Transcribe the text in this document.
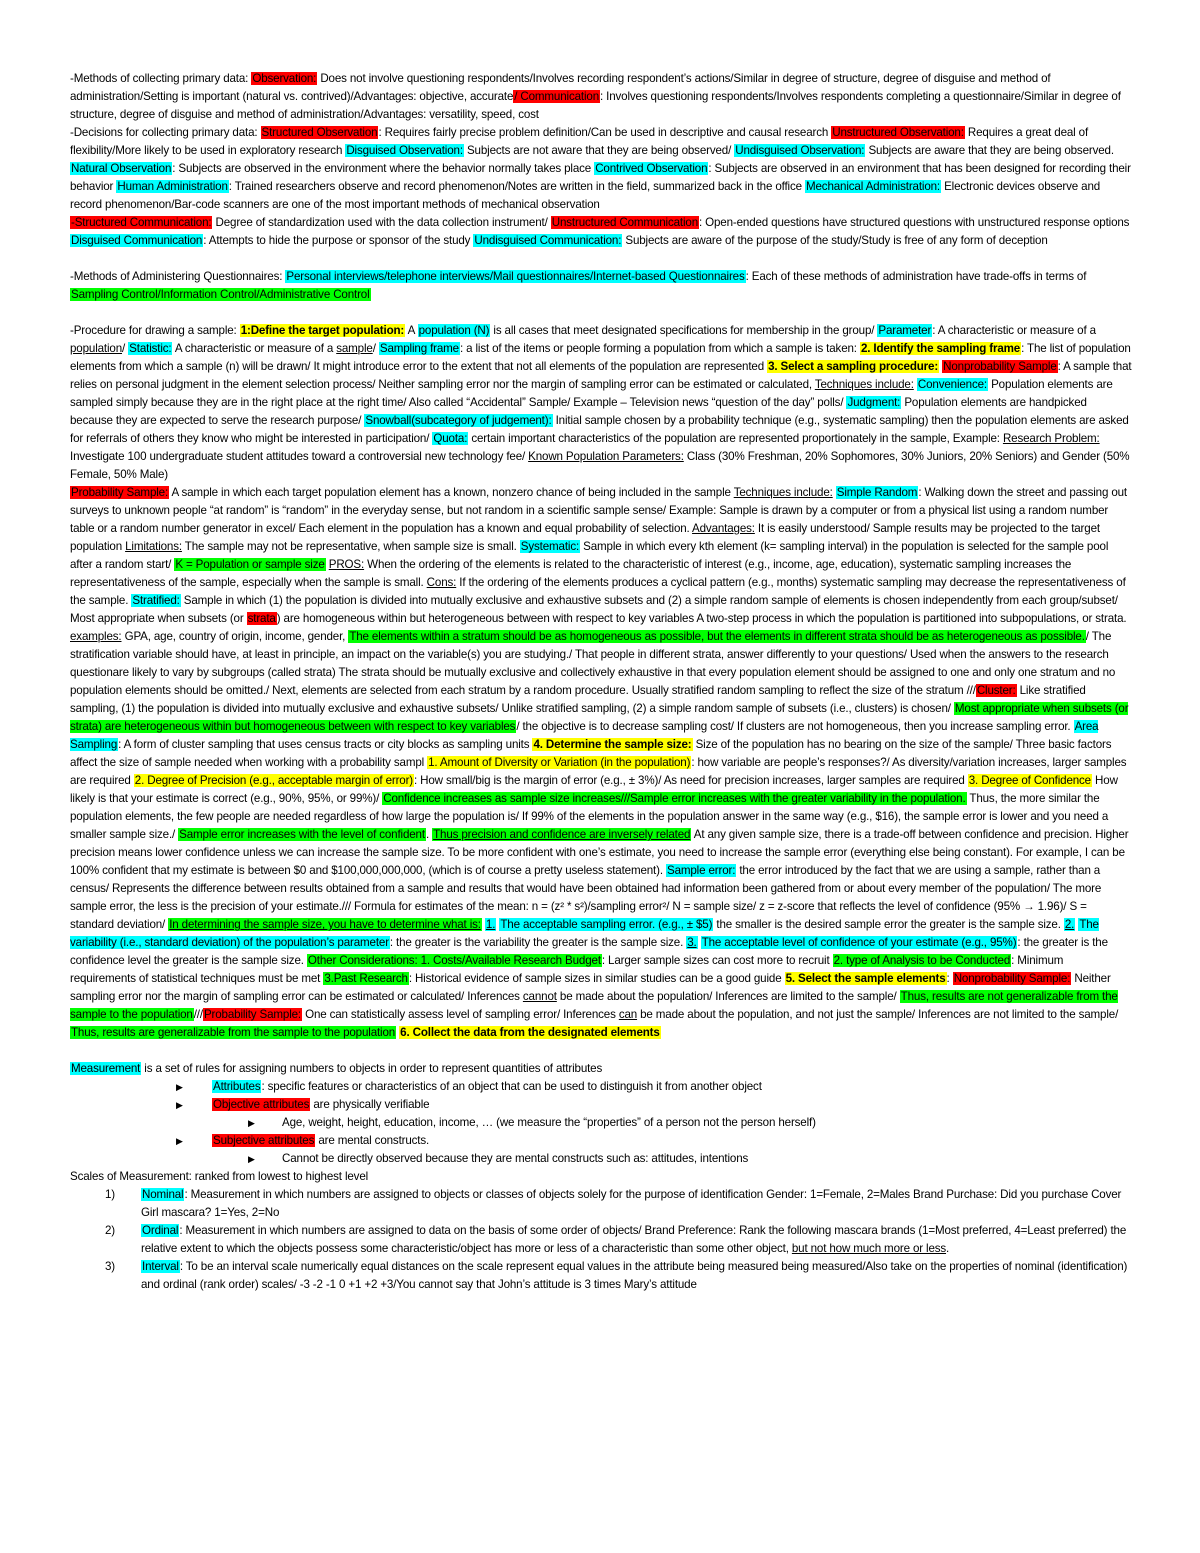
-Methods of collecting primary data: Observation: Does not involve questioning respondents/Involves recording respondent’s actions/Similar in degree of structure, degree of disguise and method of administration/Setting is important (natural vs. contrived)/Advantages: objective, accurate/ Communication: Involves questioning respondents/Involves respondents completing a questionnaire/Similar in degree of structure, degree of disguise and method of administration/Advantages: versatility, speed, cost
-Decisions for collecting primary data: Structured Observation: Requires fairly precise problem definition/Can be used in descriptive and causal research Unstructured Observation: Requires a great deal of flexibility/More likely to be used in exploratory research Disguised Observation: Subjects are not aware that they are being observed/ Undisguised Observation: Subjects are aware that they are being observed. Natural Observation: Subjects are observed in the environment where the behavior normally takes place Contrived Observation: Subjects are observed in an environment that has been designed for recording their behavior Human Administration: Trained researchers observe and record phenomenon/Notes are written in the field, summarized back in the office Mechanical Administration: Electronic devices observe and record phenomenon/Bar-code scanners are one of the most important methods of mechanical observation
-Structured Communication: Degree of standardization used with the data collection instrument/ Unstructured Communication: Open-ended questions have structured questions with unstructured response options Disguised Communication: Attempts to hide the purpose or sponsor of the study Undisguised Communication: Subjects are aware of the purpose of the study/Study is free of any form of deception
-Methods of Administering Questionnaires: Personal interviews/telephone interviews/Mail questionnaires/Internet-based Questionnaires: Each of these methods of administration have trade-offs in terms of Sampling Control/Information Control/Administrative Control
-Procedure for drawing a sample: 1:Define the target population: A population (N) is all cases that meet designated specifications for membership in the group/ Parameter: A characteristic or measure of a population/ Statistic: A characteristic or measure of a sample/ Sampling frame: a list of the items or people forming a population from which a sample is taken: 2. Identify the sampling frame: The list of population elements from which a sample (n) will be drawn/ It might introduce error to the extent that not all elements of the population are represented 3. Select a sampling procedure: Nonprobability Sample: A sample that relies on personal judgment in the element selection process/ Neither sampling error nor the margin of sampling error can be estimated or calculated, Techniques include: Convenience: Population elements are sampled simply because they are in the right place at the right time/ Also called “Accidental” Sample/ Example – Television news “question of the day” polls/ Judgment: Population elements are handpicked because they are expected to serve the research purpose/ Snowball(subcategory of judgement): Initial sample chosen by a probability technique (e.g., systematic sampling) then the population elements are asked for referrals of others they know who might be interested in participation/ Quota: certain important characteristics of the population are represented proportionately in the sample, Example: Research Problem: Investigate 100 undergraduate student attitudes toward a controversial new technology fee/ Known Population Parameters: Class (30% Freshman, 20% Sophomores, 30% Juniors, 20% Seniors) and Gender (50% Female, 50% Male)
Probability Sample: A sample in which each target population element has a known, nonzero chance of being included in the sample Techniques include: Simple Random: Walking down the street and passing out surveys to unknown people “at random” is “random” in the everyday sense, but not random in a scientific sample sense/ Example: Sample is drawn by a computer or from a physical list using a random number table or a random number generator in excel/ Each element in the population has a known and equal probability of selection. Advantages: It is easily understood/ Sample results may be projected to the target population Limitations: The sample may not be representative, when sample size is small. Systematic: Sample in which every kth element (k= sampling interval) in the population is selected for the sample pool after a random start/ K = Population or sample size PROS: When the ordering of the elements is related to the characteristic of interest (e.g., income, age, education), systematic sampling increases the representativeness of the sample, especially when the sample is small. Cons: If the ordering of the elements produces a cyclical pattern (e.g., months) systematic sampling may decrease the representativeness of the sample. Stratified: Sample in which (1) the population is divided into mutually exclusive and exhaustive subsets and (2) a simple random sample of elements is chosen independently from each group/subset/ Most appropriate when subsets (or strata) are homogeneous within but heterogeneous between with respect to key variables A two-step process in which the population is partitioned into subpopulations, or strata. examples: GPA, age, country of origin, income, gender, The elements within a stratum should be as homogeneous as possible, but the elements in different strata should be as heterogeneous as possible./ The stratification variable should have, at least in principle, an impact on the variable(s) you are studying./ That people in different strata, answer differently to your questions/ Used when the answers to the research questionare likely to vary by subgroups (called strata) The strata should be mutually exclusive and collectively exhaustive in that every population element should be assigned to one and only one stratum and no population elements should be omitted./ Next, elements are selected from each stratum by a random procedure. Usually stratified random sampling to reflect the size of the stratum ///Cluster: Like stratified sampling, (1) the population is divided into mutually exclusive and exhaustive subsets/ Unlike stratified sampling, (2) a simple random sample of subsets (i.e., clusters) is chosen/ Most appropriate when subsets (or strata) are heterogeneous within but homogeneous between with respect to key variables/ the objective is to decrease sampling cost/ If clusters are not homogeneous, then you increase sampling error. Area Sampling: A form of cluster sampling that uses census tracts or city blocks as sampling units 4. Determine the sample size: Size of the population has no bearing on the size of the sample/ Three basic factors affect the size of sample needed when working with a probability sampl 1. Amount of Diversity or Variation (in the population): how variable are people’s responses?/ As diversity/variation increases, larger samples are required 2. Degree of Precision (e.g., acceptable margin of error): How small/big is the margin of error (e.g., ± 3%)/ As need for precision increases, larger samples are required 3. Degree of Confidence How likely is that your estimate is correct (e.g., 90%, 95%, or 99%)/ Confidence increases as sample size increases///Sample error increases with the greater variability in the population. Thus, the more similar the population elements, the few people are needed regardless of how large the population is/ If 99% of the elements in the population answer in the same way (e.g., $16), the sample error is lower and you need a smaller sample size./ Sample error increases with the level of confident. Thus precision and confidence are inversely related At any given sample size, there is a trade-off between confidence and precision. Higher precision means lower confidence unless we can increase the sample size. To be more confident with one’s estimate, you need to increase the sample error (everything else being constant). For example, I can be 100% confident that my estimate is between $0 and $100,000,000,000, (which is of course a pretty useless statement). Sample error: the error introduced by the fact that we are using a sample, rather than a census/ Represents the difference between results obtained from a sample and results that would have been obtained had information been gathered from or about every member of the population/ The more sample error, the less is the precision of your estimate./// Formula for estimates of the mean: n = (z² * s²)/sampling error²/ N = sample size/ z = z-score that reflects the level of confidence (95% → 1.96)/ S = standard deviation/ In determining the sample size, you have to determine what is: 1. The acceptable sampling error. (e.g., ± $5) the smaller is the desired sample error the greater is the sample size. 2. The variability (i.e., standard deviation) of the population’s parameter: the greater is the variability the greater is the sample size. 3. The acceptable level of confidence of your estimate (e.g., 95%): the greater is the confidence level the greater is the sample size. Other Considerations: 1. Costs/Available Research Budget: Larger sample sizes can cost more to recruit 2. type of Analysis to be Conducted: Minimum requirements of statistical techniques must be met 3.Past Research: Historical evidence of sample sizes in similar studies can be a good guide 5. Select the sample elements: Nonprobability Sample: Neither sampling error nor the margin of sampling error can be estimated or calculated/ Inferences cannot be made about the population/ Inferences are limited to the sample/ Thus, results are not generalizable from the sample to the population///Probability Sample: One can statistically assess level of sampling error/ Inferences can be made about the population, and not just the sample/ Inferences are not limited to the sample/ Thus, results are generalizable from the sample to the population 6. Collect the data from the designated elements
Measurement is a set of rules for assigning numbers to objects in order to represent quantities of attributes
▶ Attributes: specific features or characteristics of an object that can be used to distinguish it from another object
▶ Objective attributes are physically verifiable
▶ Age, weight, height, education, income, … (we measure the “properties” of a person not the person herself)
▶ Subjective attributes are mental constructs.
▶ Cannot be directly observed because they are mental constructs such as: attitudes, intentions
Scales of Measurement: ranked from lowest to highest level
1) Nominal: Measurement in which numbers are assigned to objects or classes of objects solely for the purpose of identification Gender: 1=Female, 2=Males Brand Purchase: Did you purchase Cover Girl mascara? 1=Yes, 2=No
2) Ordinal: Measurement in which numbers are assigned to data on the basis of some order of objects/ Brand Preference: Rank the following mascara brands (1=Most preferred, 4=Least preferred) the relative extent to which the objects possess some characteristic/object has more or less of a characteristic than some other object, but not how much more or less.
3) Interval: To be an interval scale numerically equal distances on the scale represent equal values in the attribute being measured being measured/Also take on the properties of nominal (identification) and ordinal (rank order) scales/ -3 -2 -1 0 +1 +2 +3/You cannot say that John’s attitude is 3 times Mary’s attitude
